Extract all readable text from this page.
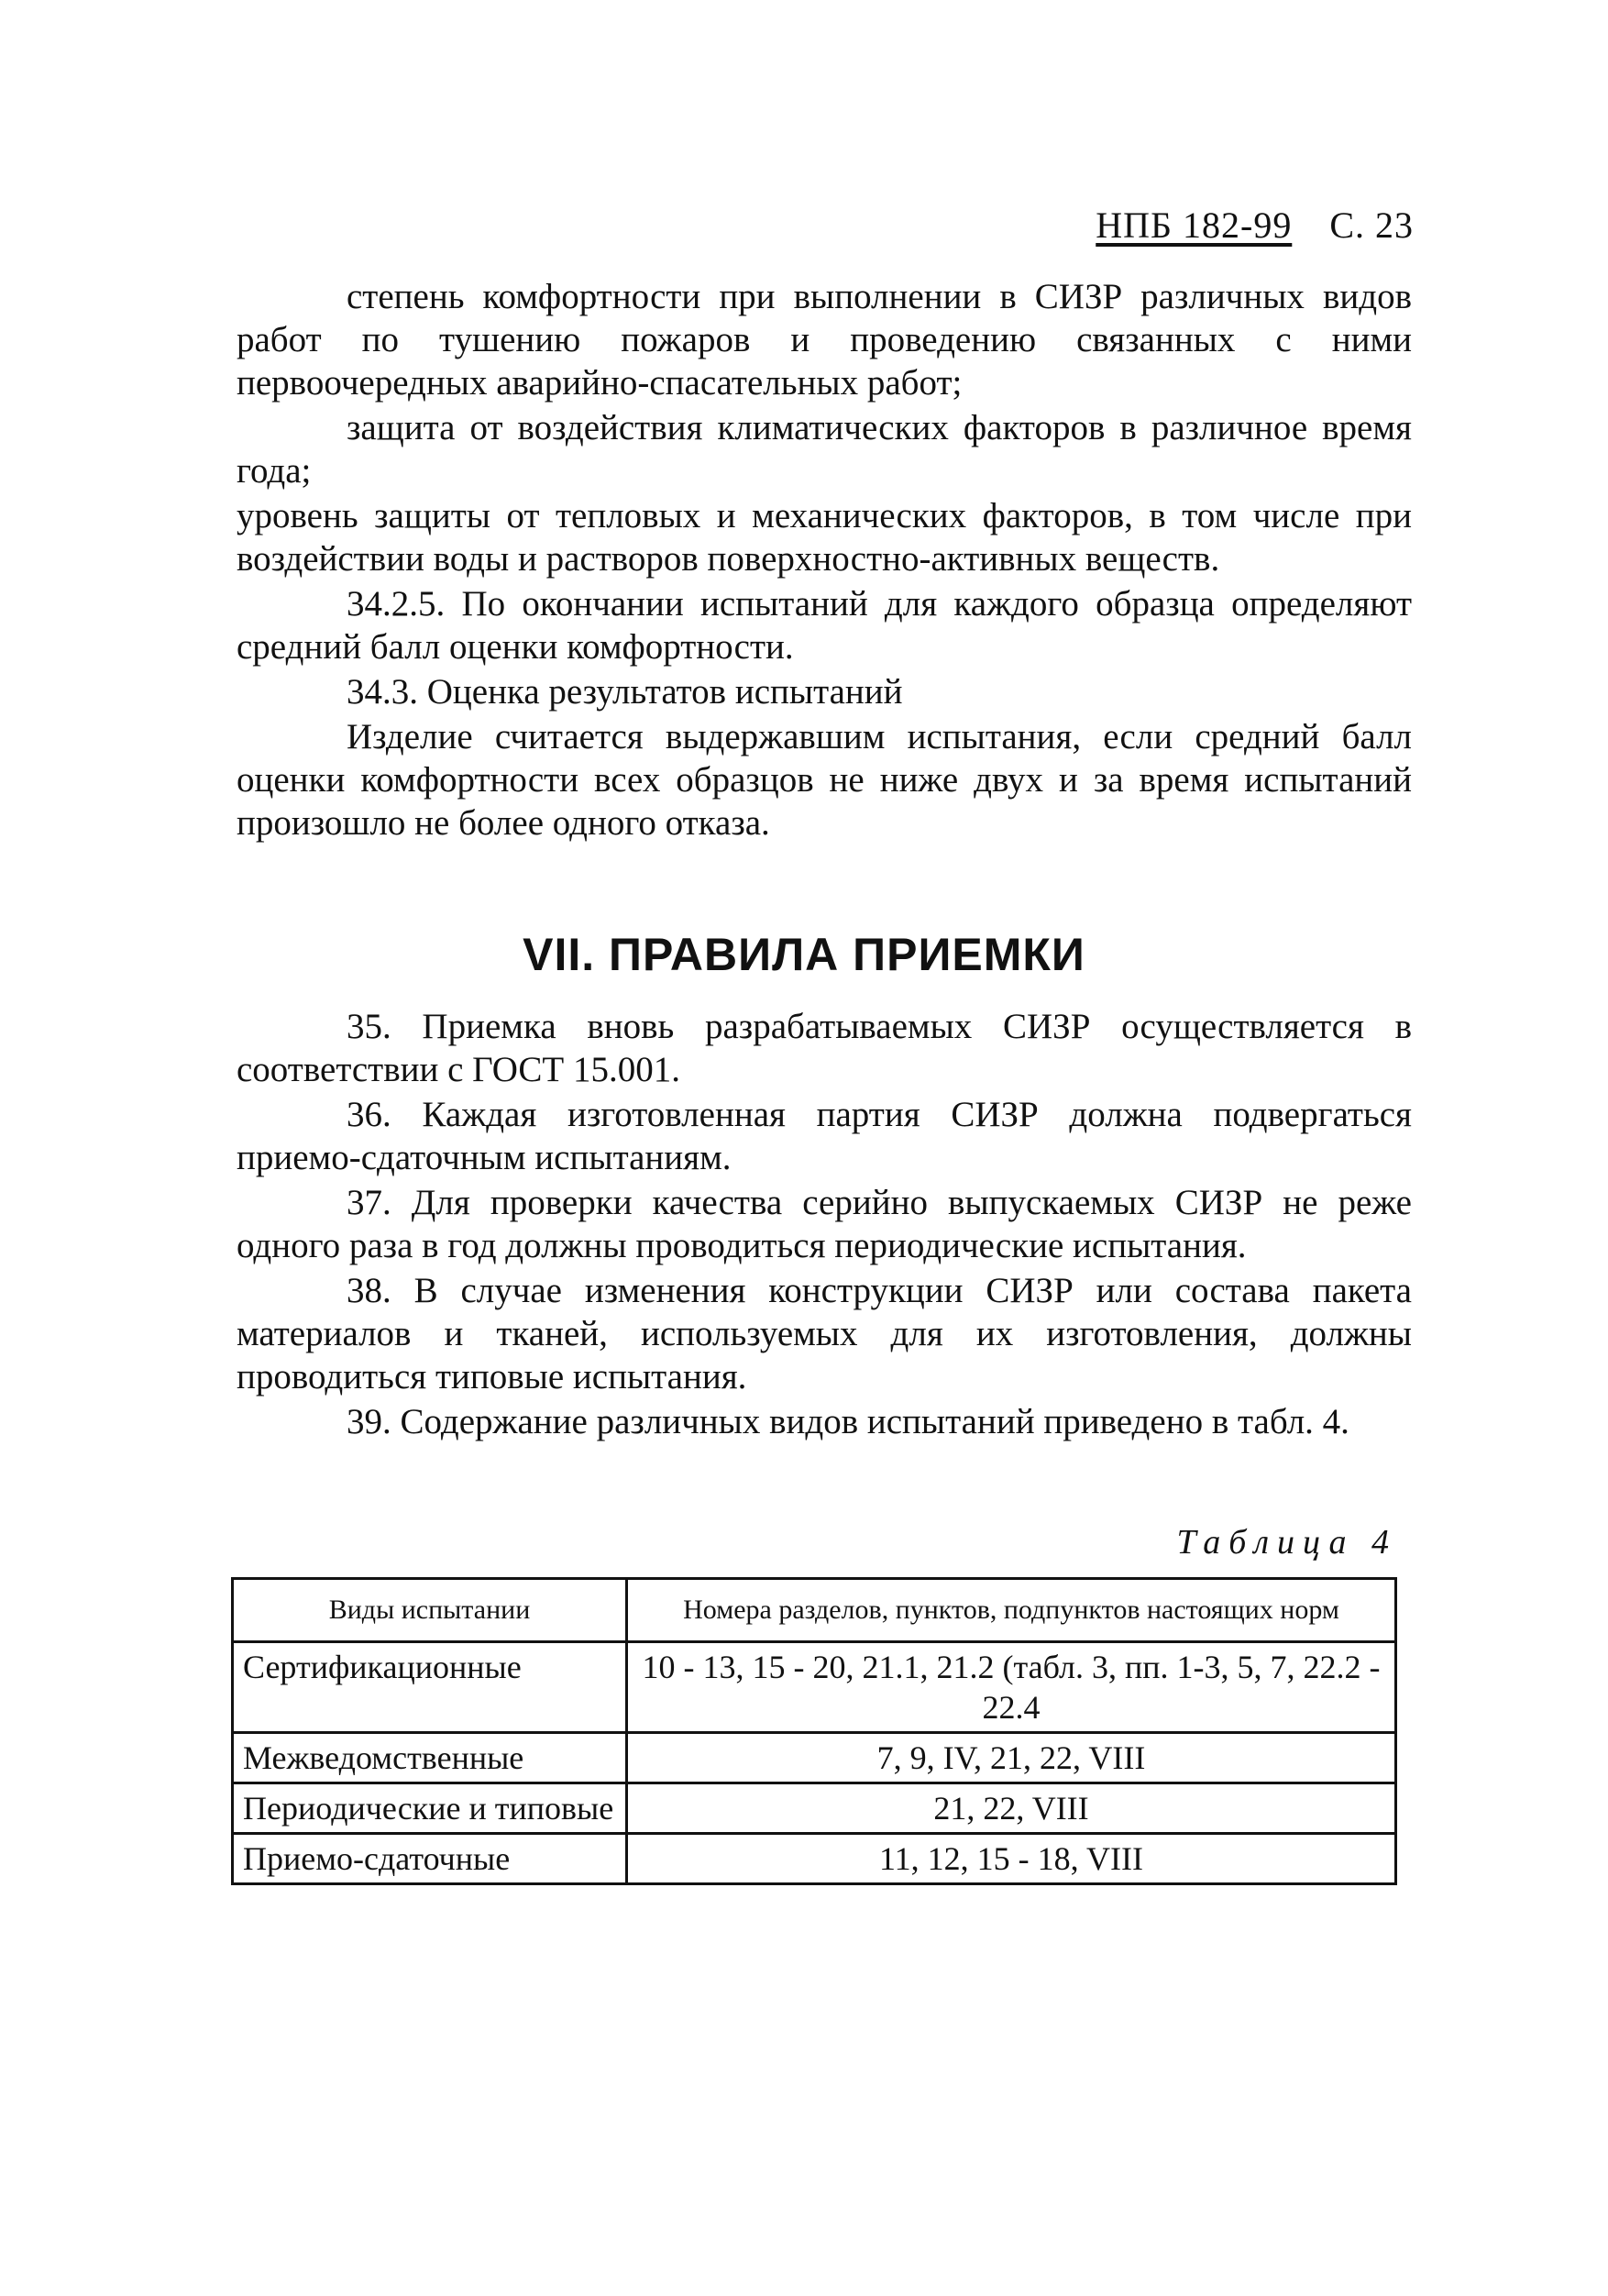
НПБ 182-99 С. 23

степень комфортности при выполнении в СИЗР различных видов работ по тушению пожаров и проведению связанных с ними первоочередных аварийно-спасательных работ;

защита от воздействия климатических факторов в различное время года;

уровень защиты от тепловых и механических факторов, в том числе при воздействии воды и растворов поверхностно-активных веществ.

34.2.5. По окончании испытаний для каждого образца определяют средний балл оценки комфортности.

34.3. Оценка результатов испытаний

Изделие считается выдержавшим испытания, если средний балл оценки комфортности всех образцов не ниже двух и за время испытаний произошло не более одного отказа.

VII. ПРАВИЛА ПРИЕМКИ

35. Приемка вновь разрабатываемых СИЗР осуществляется в соответствии с ГОСТ 15.001.

36. Каждая изготовленная партия СИЗР должна подвергаться приемо-сдаточным испытаниям.

37. Для проверки качества серийно выпускаемых СИЗР не реже одного раза в год должны проводиться периодические испытания.

38. В случае изменения конструкции СИЗР или состава пакета материалов и тканей, используемых для их изготовления, должны проводиться типовые испытания.

39. Содержание различных видов испытаний приведено в табл. 4.

Таблица 4
Виды испытании	Номера разделов, пунктов, подпунктов настоящих норм
Сертификационные	10 - 13, 15 - 20, 21.1, 21.2 (табл. 3, пп. 1-3, 5, 7, 22.2 - 22.4
Межведомственные	7, 9, IV, 21, 22, VIII
Периодические и типовые	21, 22, VIII
Приемо-сдаточные	11, 12, 15 - 18, VIII
